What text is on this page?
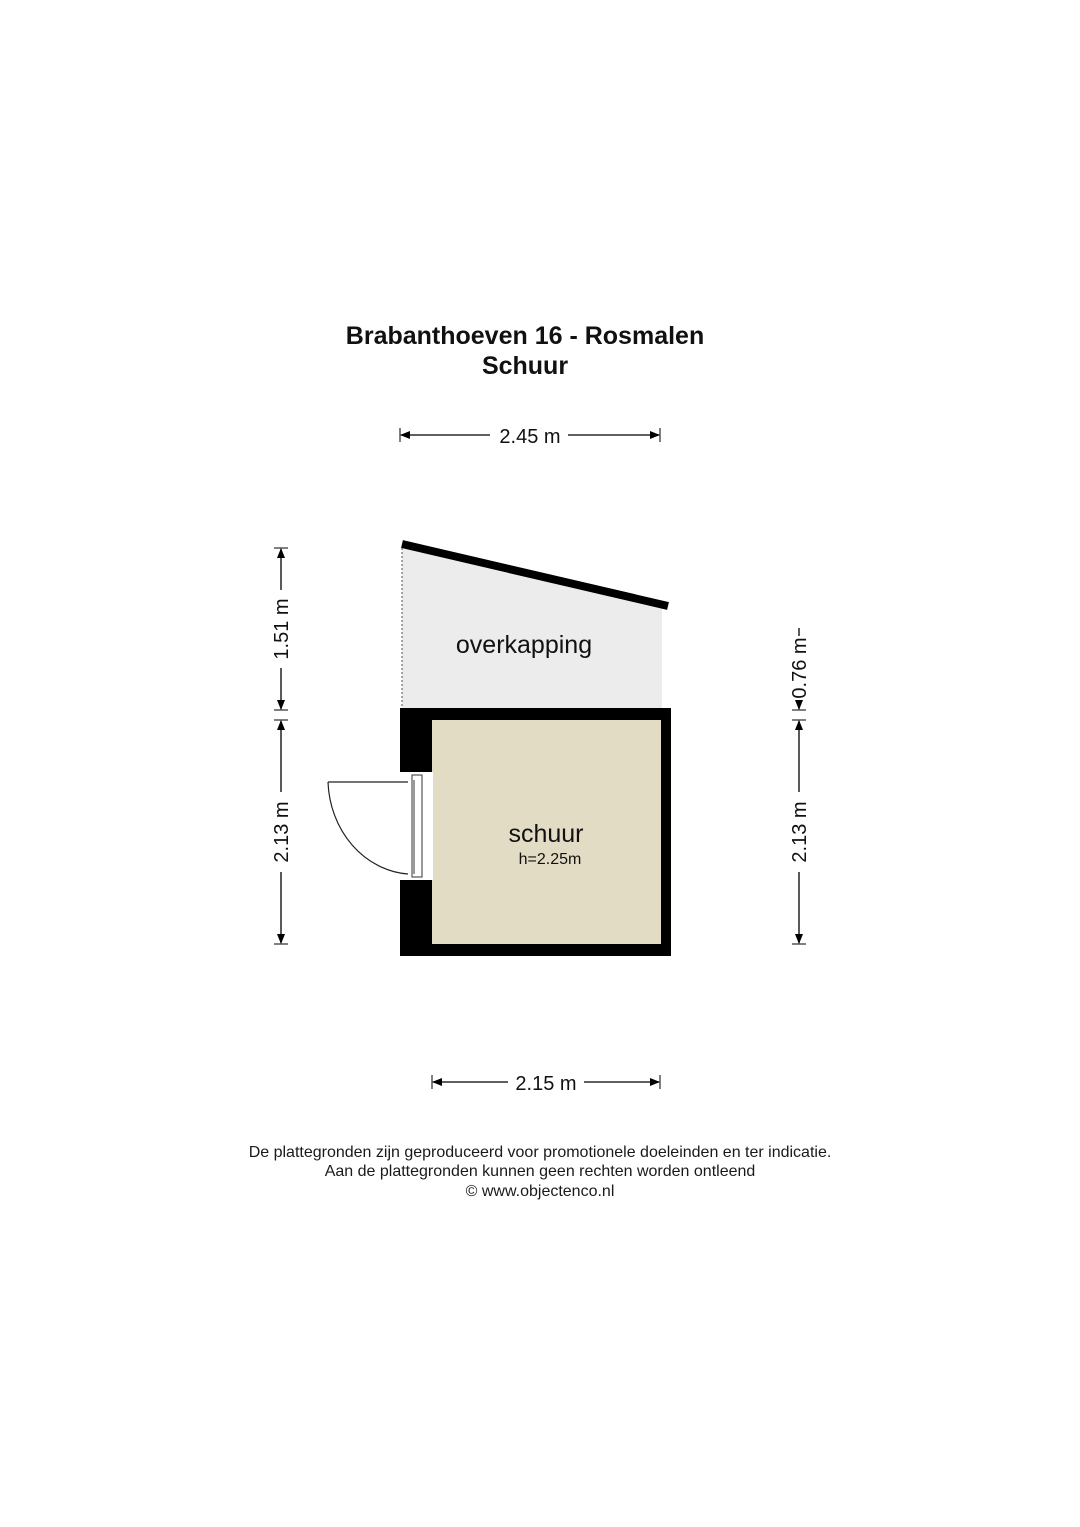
Brabanthoeven 16 - Rosmalen
Schuur
overkapping
schuur
h=2.25m
2.45 m
2.15 m
1.51 m
2.13 m
0.76 m
2.13 m
De plattegronden zijn geproduceerd voor promotionele doeleinden en ter indicatie.
Aan de plattegronden kunnen geen rechten worden ontleend
© www.objectenco.nl
